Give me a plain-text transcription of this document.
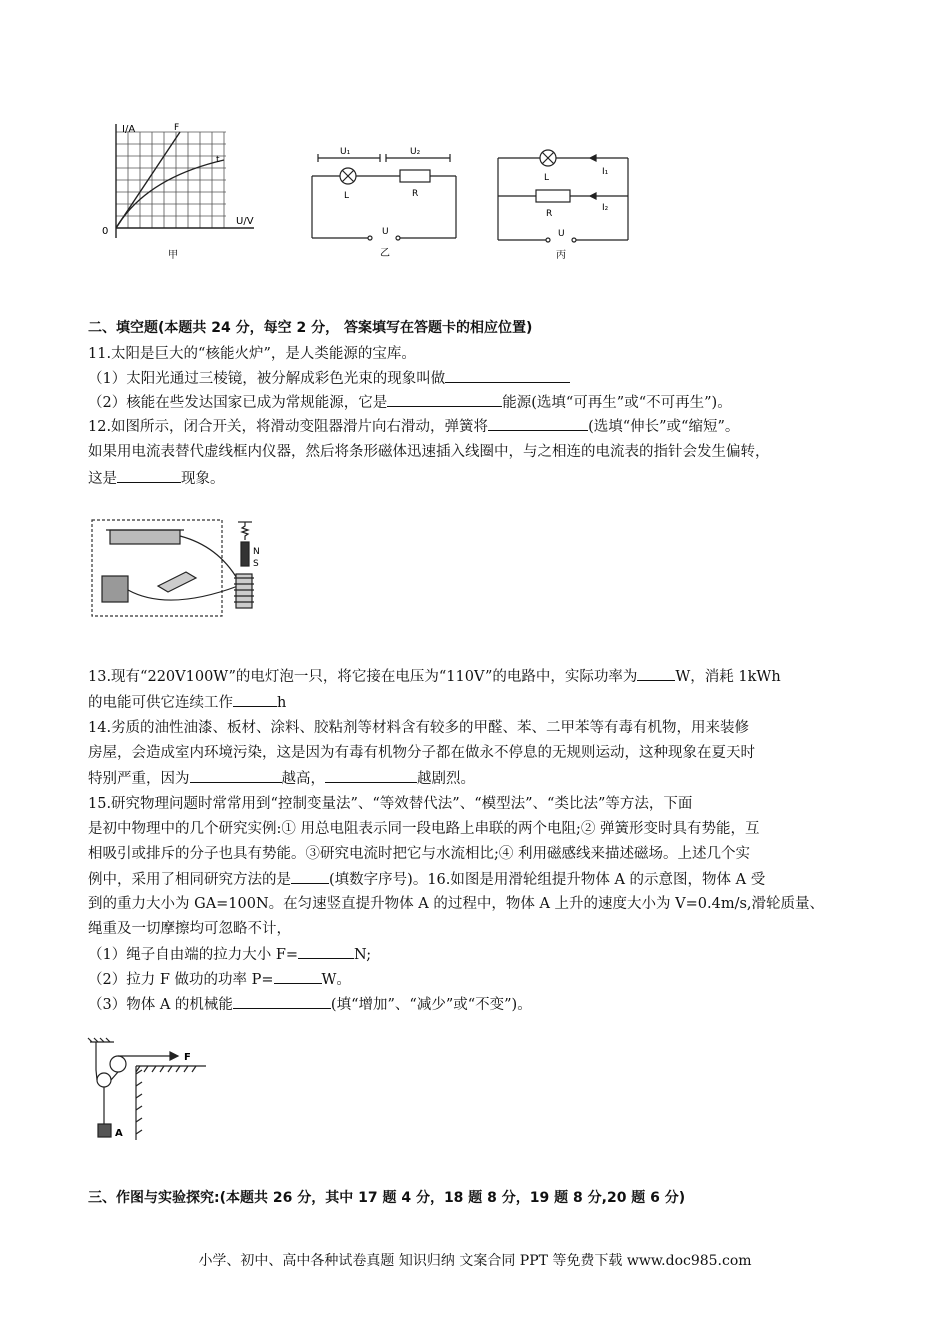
I/A
U/V
0
F
t
甲
U₁	U₂
L	R
U
乙
L
R
I₁
I₂
U
丙
二、填空题(本题共 24 分，每空 2 分， 答案填写在答题卡的相应位置)
11.太阳是巨大的“核能火炉”，是人类能源的宝库。
（1）太阳光通过三棱镜，被分解成彩色光束的现象叫做
（2）核能在些发达国家已成为常规能源，它是	能源(选填“可再生”或“不可再生”)。
12.如图所示，闭合开关，将滑动变阻器滑片向右滑动，弹簧将	(选填“伸长”或“缩短”。
如果用电流表替代虚线框内仪器，然后将条形磁体迅速插入线圈中，与之相连的电流表的指针会发生偏转，
这是	现象。
N
S
13.现有“220V100W”的电灯泡一只，将它接在电压为“110V”的电路中，实际功率为	W，消耗 1kWh
的电能可供它连续工作	h
14.劣质的油性油漆、板材、涂料、胶粘剂等材料含有较多的甲醛、苯、二甲苯等有毒有机物，用来装修
房屋，会造成室内环境污染，这是因为有毒有机物分子都在做永不停息的无规则运动，这种现象在夏天时
特别严重，因为	越高，	越剧烈。
15.研究物理问题时常常用到“控制变量法”、“等效替代法”、“模型法”、“类比法”等方法，下面
是初中物理中的几个研究实例:① 用总电阻表示同一段电路上串联的两个电阻;② 弹簧形变时具有势能，互
相吸引或排斥的分子也具有势能。③研究电流时把它与水流相比;④ 利用磁感线来描述磁场。上述几个实
例中，采用了相同研究方法的是	(填数字序号)。16.如图是用滑轮组提升物体 A 的示意图，物体 A 受
到的重力大小为 GA=100N。在匀速竖直提升物体 A 的过程中，物体 A 上升的速度大小为 V=0.4m/s,滑轮质量、
绳重及一切摩擦均可忽略不计，
（1）绳子自由端的拉力大小 F=	N;
（2）拉力 F 做功的功率 P=	W。
（3）物体 A 的机械能	(填“增加”、“减少”或“不变”)。
F
A
三、作图与实验探究:(本题共 26 分，其中 17 题 4 分，18 题 8 分，19 题 8 分,20 题 6 分)
小学、初中、高中各种试卷真题 知识归纳 文案合同 PPT 等免费下载 www.doc985.com
